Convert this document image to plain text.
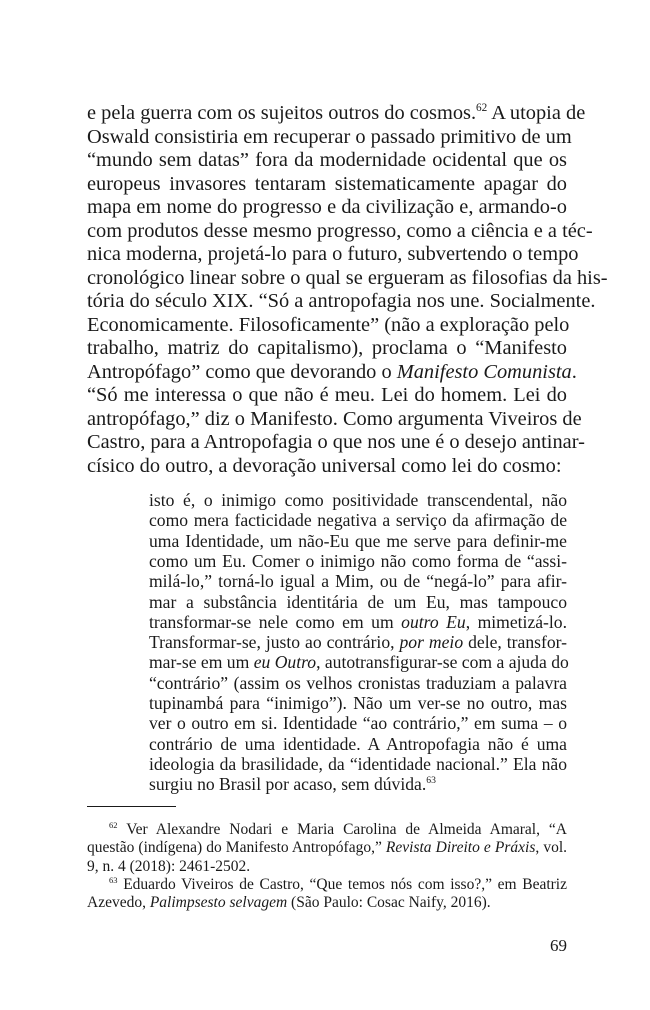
e pela guerra com os sujeitos outros do cosmos.$^{62}$ A utopia de
Oswald consistiria em recuperar o passado primitivo de um
“mundo sem datas” fora da modernidade ocidental que os
europeus invasores tentaram sistematicamente apagar do
mapa em nome do progresso e da civilização e, armando-o
com produtos desse mesmo progresso, como a ciência e a téc-
nica moderna, projetá-lo para o futuro, subvertendo o tempo
cronológico linear sobre o qual se ergueram as filosofias da his-
tória do século XIX. “Só a antropofagia nos une. Socialmente.
Economicamente. Filosoficamente” (não a exploração pelo
trabalho, matriz do capitalismo), proclama o “Manifesto
Antropófago” como que devorando o Manifesto Comunista.
“Só me interessa o que não é meu. Lei do homem. Lei do
antropófago,” diz o Manifesto. Como argumenta Viveiros de
Castro, para a Antropofagia o que nos une é o desejo antinar-
císico do outro, a devoração universal como lei do cosmo:
isto é, o inimigo como positividade transcendental, não
como mera facticidade negativa a serviço da afirmação de
uma Identidade, um não-Eu que me serve para definir-me
como um Eu. Comer o inimigo não como forma de “assi-
milá-lo,” torná-lo igual a Mim, ou de “negá-lo” para afir-
mar a substância identitária de um Eu, mas tampouco
transformar-se nele como em um outro Eu, mimetizá-lo.
Transformar-se, justo ao contrário, por meio dele, transfor-
mar-se em um eu Outro, autotransfigurar-se com a ajuda do
“contrário” (assim os velhos cronistas traduziam a palavra
tupinambá para “inimigo”). Não um ver-se no outro, mas
ver o outro em si. Identidade “ao contrário,” em suma – o
contrário de uma identidade. A Antropofagia não é uma
ideologia da brasilidade, da “identidade nacional.” Ela não
surgiu no Brasil por acaso, sem dúvida.$^{63}$
$^{62}$ Ver Alexandre Nodari e Maria Carolina de Almeida Amaral, “A
questão (indígena) do Manifesto Antropófago,” Revista Direito e Práxis, vol.
9, n. 4 (2018): 2461-2502.
$^{63}$ Eduardo Viveiros de Castro, “Que temos nós com isso?,” em Beatriz
Azevedo, Palimpsesto selvagem (São Paulo: Cosac Naify, 2016).
69
